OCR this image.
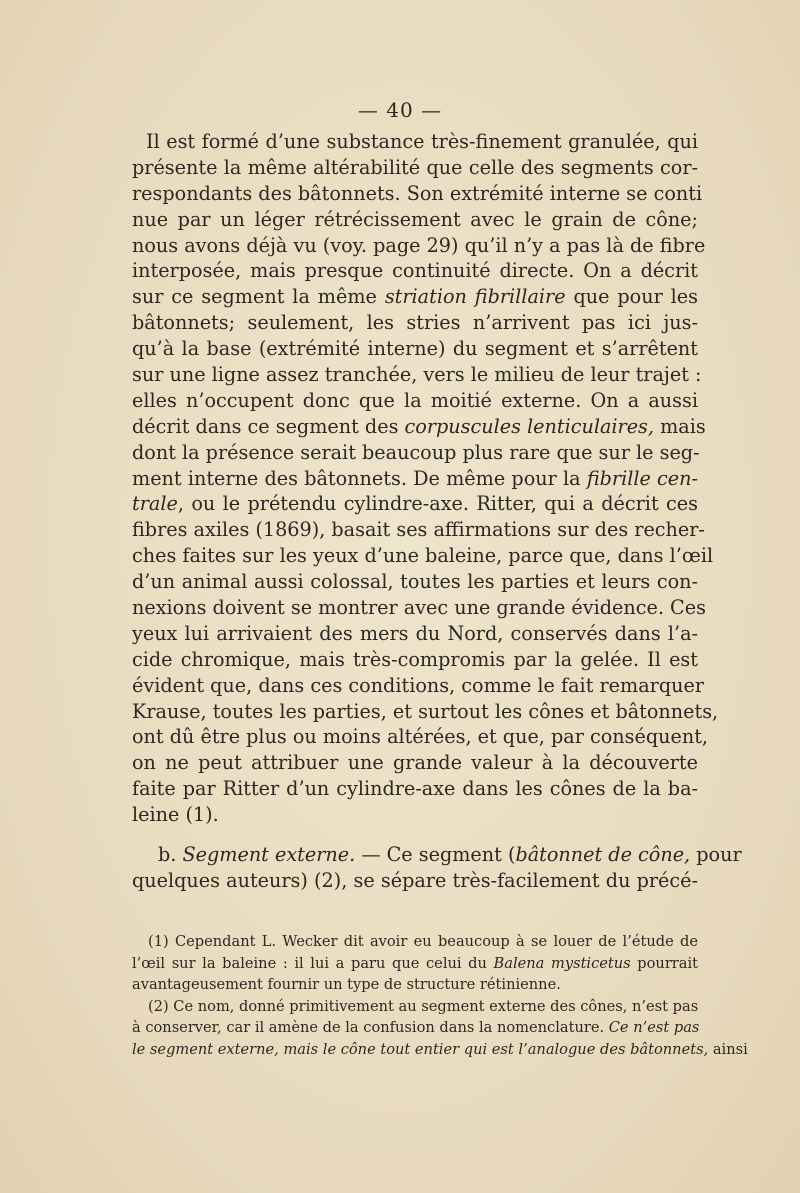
— 40 —
Il est formé d’une substance très-finement granulée, qui
présente la même altérabilité que celle des segments cor-
respondants des bâtonnets. Son extrémité interne se conti
nue par un léger rétrécissement avec le grain de cône;
nous avons déjà vu (voy. page 29) qu’il n’y a pas là de fibre
interposée, mais presque continuité directe. On a décrit
sur ce segment la même striation fibrillaire que pour les
bâtonnets; seulement, les stries n’arrivent pas ici jus-
qu’à la base (extrémité interne) du segment et s’arrêtent
sur une ligne assez tranchée, vers le milieu de leur trajet :
elles n’occupent donc que la moitié externe. On a aussi
décrit dans ce segment des corpuscules lenticulaires, mais
dont la présence serait beaucoup plus rare que sur le seg-
ment interne des bâtonnets. De même pour la fibrille cen-
trale, ou le prétendu cylindre-axe. Ritter, qui a décrit ces
fibres axiles (1869), basait ses affirmations sur des recher-
ches faites sur les yeux d’une baleine, parce que, dans l’œil
d’un animal aussi colossal, toutes les parties et leurs con-
nexions doivent se montrer avec une grande évidence. Ces
yeux lui arrivaient des mers du Nord, conservés dans l’a-
cide chromique, mais très-compromis par la gelée. Il est
évident que, dans ces conditions, comme le fait remarquer
Krause, toutes les parties, et surtout les cônes et bâtonnets,
ont dû être plus ou moins altérées, et que, par conséquent,
on ne peut attribuer une grande valeur à la découverte
faite par Ritter d’un cylindre-axe dans les cônes de la ba-
leine (1).
b. Segment externe. — Ce segment (bâtonnet de cône, pour
quelques auteurs) (2), se sépare très-facilement du précé-
(1) Cependant L. Wecker dit avoir eu beaucoup à se louer de l’étude de
l’œil sur la baleine : il lui a paru que celui du Balena mysticetus pourrait
avantageusement fournir un type de structure rétinienne.
(2) Ce nom, donné primitivement au segment externe des cônes, n’est pas
à conserver, car il amène de la confusion dans la nomenclature. Ce n’est pas
le segment externe, mais le cône tout entier qui est l’analogue des bâtonnets, ainsi
